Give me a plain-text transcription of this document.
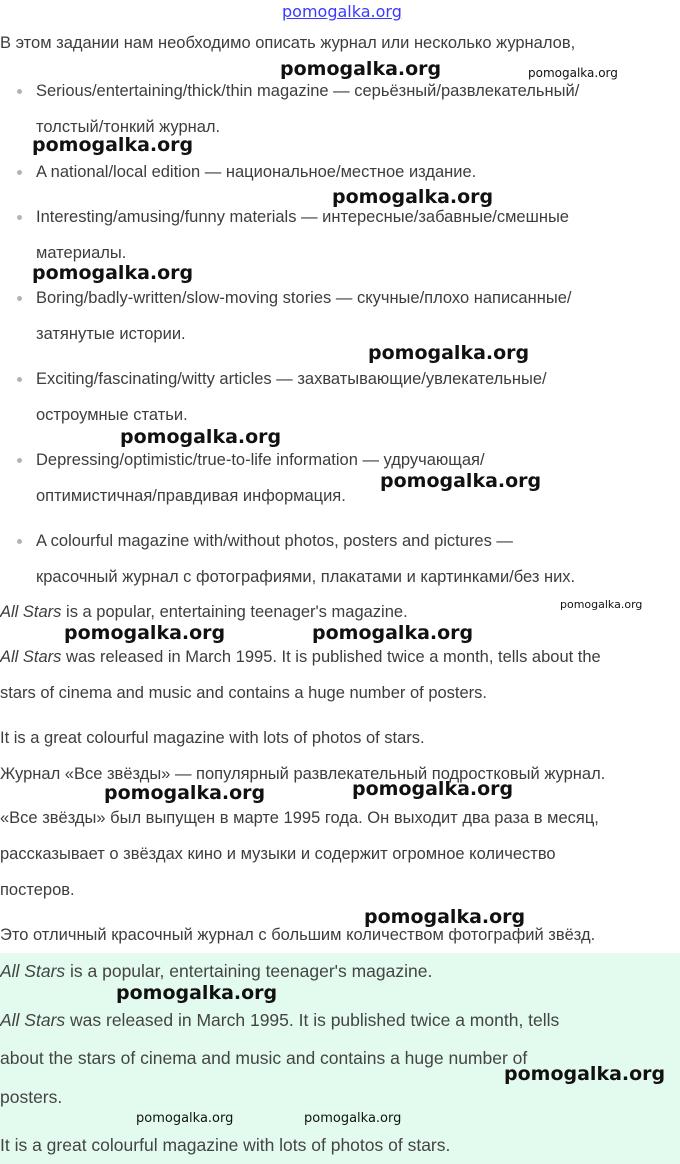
pomogalka.org
В этом задании нам необходимо описать журнал или несколько журналов,
Serious/entertaining/thick/thin magazine — серьёзный/развлекательный/
толстый/тонкий журнал.
A national/local edition — национальное/местное издание.
Interesting/amusing/funny materials — интересные/забавные/смешные
материалы.
Boring/badly-written/slow-moving stories — скучные/плохо написанные/
затянутые истории.
Exciting/fascinating/witty articles — захватывающие/увлекательные/
остроумные статьи.
Depressing/optimistic/true-to-life information — удручающая/
оптимистичная/правдивая информация.
A colourful magazine with/without photos, posters and pictures —
красочный журнал с фотографиями, плакатами и картинками/без них.
All Stars is a popular, entertaining teenager's magazine.
All Stars was released in March 1995. It is published twice a month, tells about the
stars of cinema and music and contains a huge number of posters.
It is a great colourful magazine with lots of photos of stars.
Журнал «Все звёзды» — популярный развлекательный подростковый журнал.
«Все звёзды» был выпущен в марте 1995 года. Он выходит два раза в месяц,
рассказывает о звёздах кино и музыки и содержит огромное количество
постеров.
Это отличный красочный журнал с большим количеством фотографий звёзд.
All Stars is a popular, entertaining teenager's magazine.
All Stars was released in March 1995. It is published twice a month, tells
about the stars of cinema and music and contains a huge number of
posters.
It is a great colourful magazine with lots of photos of stars.
pomogalka.org	pomogalka.org
pomogalka.org
pomogalka.org
pomogalka.org
pomogalka.org
pomogalka.org
pomogalka.org
pomogalka.org
pomogalka.org	pomogalka.org
pomogalka.org	pomogalka.org
pomogalka.org
pomogalka.org
pomogalka.org
pomogalka.org	pomogalka.org
